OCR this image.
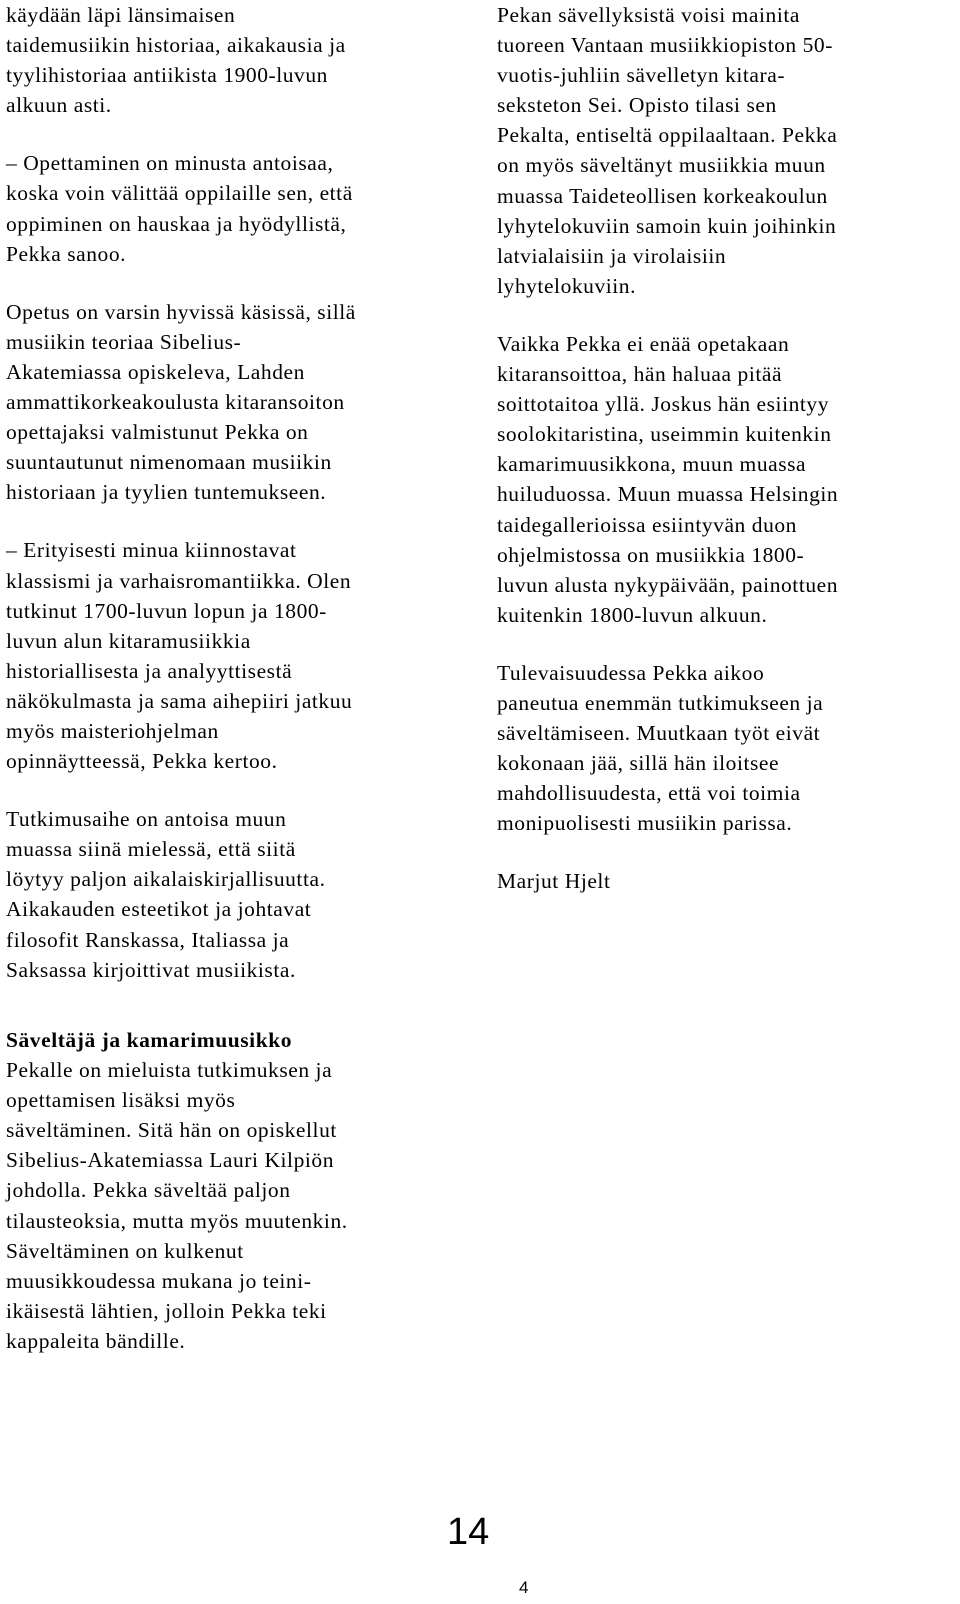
käydään läpi länsimaisen
taidemusiikin historiaa, aikakausia ja
tyylihistoriaa antiikista 1900-luvun
alkuun asti.

– Opettaminen on minusta antoisaa,
koska voin välittää oppilaille sen, että
oppiminen on hauskaa ja hyödyllistä,
Pekka sanoo.

Opetus on varsin hyvissä käsissä, sillä
musiikin teoriaa Sibelius-
Akatemiassa opiskeleva, Lahden
ammattikorkeakoulusta kitaransoiton
opettajaksi valmistunut Pekka on
suuntautunut nimenomaan musiikin
historiaan ja tyylien tuntemukseen.

– Erityisesti minua kiinnostavat
klassismi ja varhaisromantiikka. Olen
tutkinut 1700-luvun lopun ja 1800-
luvun alun kitaramusiikkia
historiallisesta ja analyyttisestä
näkökulmasta ja sama aihepiiri jatkuu
myös maisteriohjelman
opinnäytteessä, Pekka kertoo.

Tutkimusaihe on antoisa muun
muassa siinä mielessä, että siitä
löytyy paljon aikalaiskirjallisuutta.
Aikakauden esteetikot ja johtavat
filosofit Ranskassa, Italiassa ja
Saksassa kirjoittivat musiikista.

Säveltäjä ja kamarimuusikko

Pekalle on mieluista tutkimuksen ja
opettamisen lisäksi myös
säveltäminen. Sitä hän on opiskellut
Sibelius-Akatemiassa Lauri Kilpiön
johdolla. Pekka säveltää paljon
tilausteoksia, mutta myös muutenkin.
Säveltäminen on kulkenut
muusikkoudessa mukana jo teini-
ikäisestä lähtien, jolloin Pekka teki
kappaleita bändille.

Pekan sävellyksistä voisi mainita
tuoreen Vantaan musiikkiopiston 50-
vuotis-juhliin sävelletyn kitara-
seksteton Sei. Opisto tilasi sen
Pekalta, entiseltä oppilaaltaan. Pekka
on myös säveltänyt musiikkia muun
muassa Taideteollisen korkeakoulun
lyhytelokuviin samoin kuin joihinkin
latvialaisiin ja virolaisiin
lyhytelokuviin.

Vaikka Pekka ei enää opetakaan
kitaransoittoa, hän haluaa pitää
soittotaitoa yllä. Joskus hän esiintyy
soolokitaristina, useimmin kuitenkin
kamarimuusikkona, muun muassa
huiluduossa. Muun muassa Helsingin
taidegallerioissa esiintyvän duon
ohjelmistossa on musiikkia 1800-
luvun alusta nykypäivään, painottuen
kuitenkin 1800-luvun alkuun.

Tulevaisuudessa Pekka aikoo
paneutua enemmän tutkimukseen ja
säveltämiseen. Muutkaan työt eivät
kokonaan jää, sillä hän iloitsee
mahdollisuudesta, että voi toimia
monipuolisesti musiikin parissa.

Marjut Hjelt

14
4
